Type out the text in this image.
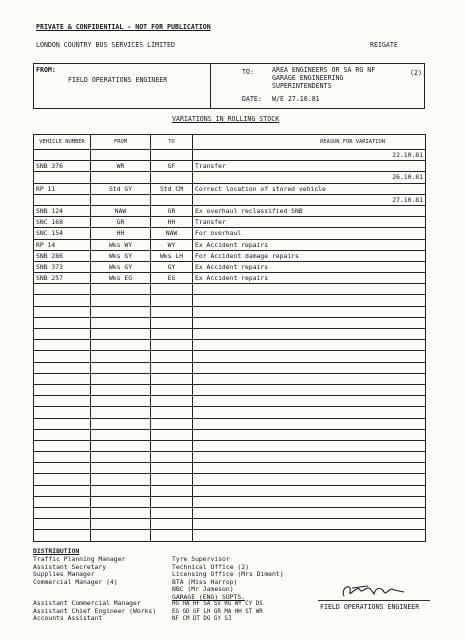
PRIVATE & CONFIDENTIAL - NOT FOR PUBLICATION
LONDON COUNTRY BUS SERVICES LIMITED	REIGATE
FROM:
FIELD OPERATIONS ENGINEER
TO:	AREA ENGINEERS OR SA RG NF
GARAGE ENGINEERING
SUPERINTENDENTS
DATE: W/E 27.10.81
(2)
VARIATIONS IN ROLLING STOCK
VEHICLE NUMBER	FROM	TO	REASON FOR VARIATION
			22.10.81
SNB 376	WR	GF	Transfer
			26.10.81
RP 11	Std GY	Std CM	Correct location of stored vehicle
			27.10.81
SNB 124	NAW	GR	Ex overhaul reclassified SNB
SNC 168	GR	HH	Transfer
SNC 154	HH	NAW	For overhaul
RP 14	Wks WY	WY	Ex Accident repairs
SNB 286	Wks GY	Wks LH	For Accident damage repairs
SNB 373	Wks GY	GY	Ex Accident repairs
SNB 257	Wks EG	EG	Ex Accident repairs

DISTRIBUTION
Traffic Planning Manager
Assistant Secretary
Supplies Manager
Commercial Manager (4)
Assistant Commercial Manager
Assistant Chief Engineer (Works)
Accounts Assistant
Tyre Supervisor
Technical Office (2)
Licensing Office (Mrs Diment)
BTA (Miss Harrop)
NBC (Mr Jameson)
GARAGE (ENG) SUPTS.
HG HA HF SA SV RG WY CY DS
EG GD GF LH GR MA HH ST WR
NF CM DT DG GY SJ
FIELD OPERATIONS ENGINEER
